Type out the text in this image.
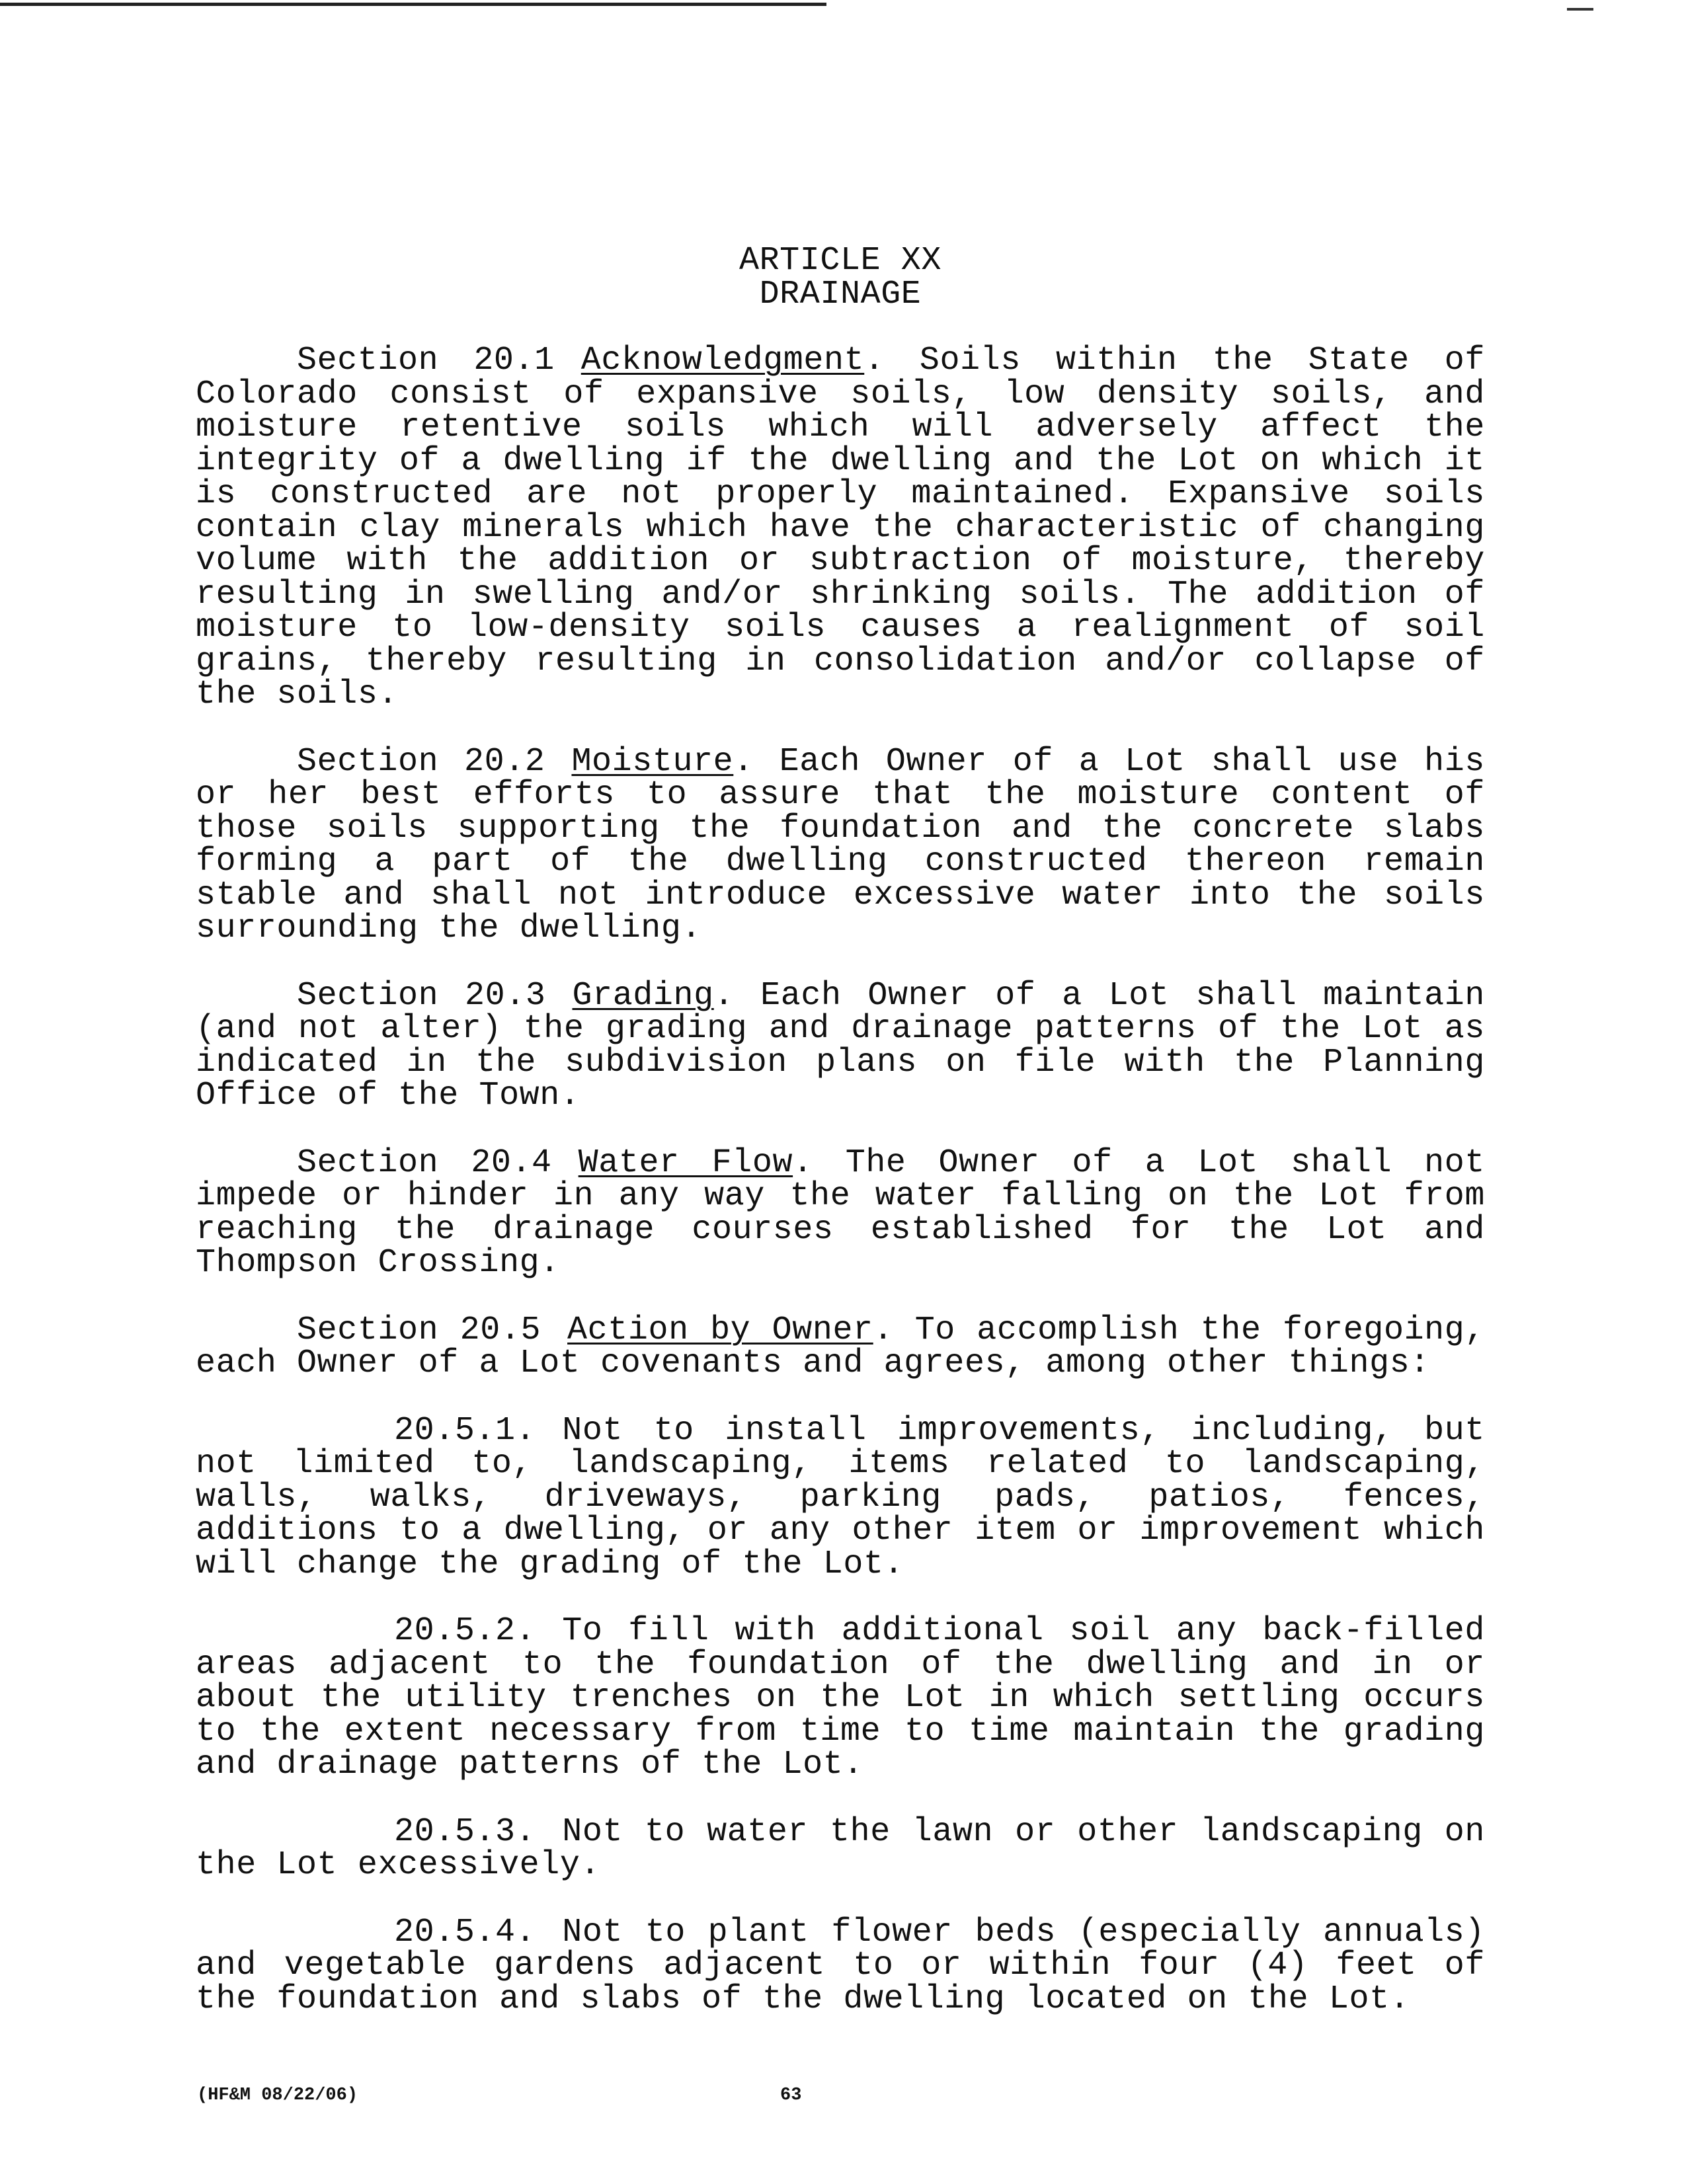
ARTICLE XX

DRAINAGE

Section 20.1 Acknowledgment. Soils within the State of Colorado consist of expansive soils, low density soils, and moisture retentive soils which will adversely affect the integrity of a dwelling if the dwelling and the Lot on which it is constructed are not properly maintained. Expansive soils contain clay minerals which have the characteristic of changing volume with the addition or subtraction of moisture, thereby resulting in swelling and/or shrinking soils. The addition of moisture to low-density soils causes a realignment of soil grains, thereby resulting in consolidation and/or collapse of the soils.

Section 20.2 Moisture. Each Owner of a Lot shall use his or her best efforts to assure that the moisture content of those soils supporting the foundation and the concrete slabs forming a part of the dwelling constructed thereon remain stable and shall not introduce excessive water into the soils surrounding the dwelling.

Section 20.3 Grading. Each Owner of a Lot shall maintain (and not alter) the grading and drainage patterns of the Lot as indicated in the subdivision plans on file with the Planning Office of the Town.

Section 20.4 Water Flow. The Owner of a Lot shall not impede or hinder in any way the water falling on the Lot from reaching the drainage courses established for the Lot and Thompson Crossing.

Section 20.5 Action by Owner. To accomplish the foregoing, each Owner of a Lot covenants and agrees, among other things:

20.5.1. Not to install improvements, including, but not limited to, landscaping, items related to landscaping, walls, walks, driveways, parking pads, patios, fences, additions to a dwelling, or any other item or improvement which will change the grading of the Lot.

20.5.2. To fill with additional soil any back-filled areas adjacent to the foundation of the dwelling and in or about the utility trenches on the Lot in which settling occurs to the extent necessary from time to time maintain the grading and drainage patterns of the Lot.

20.5.3. Not to water the lawn or other landscaping on the Lot excessively.

20.5.4. Not to plant flower beds (especially annuals) and vegetable gardens adjacent to or within four (4) feet of the foundation and slabs of the dwelling located on the Lot.

(HF&M 08/22/06)	63
